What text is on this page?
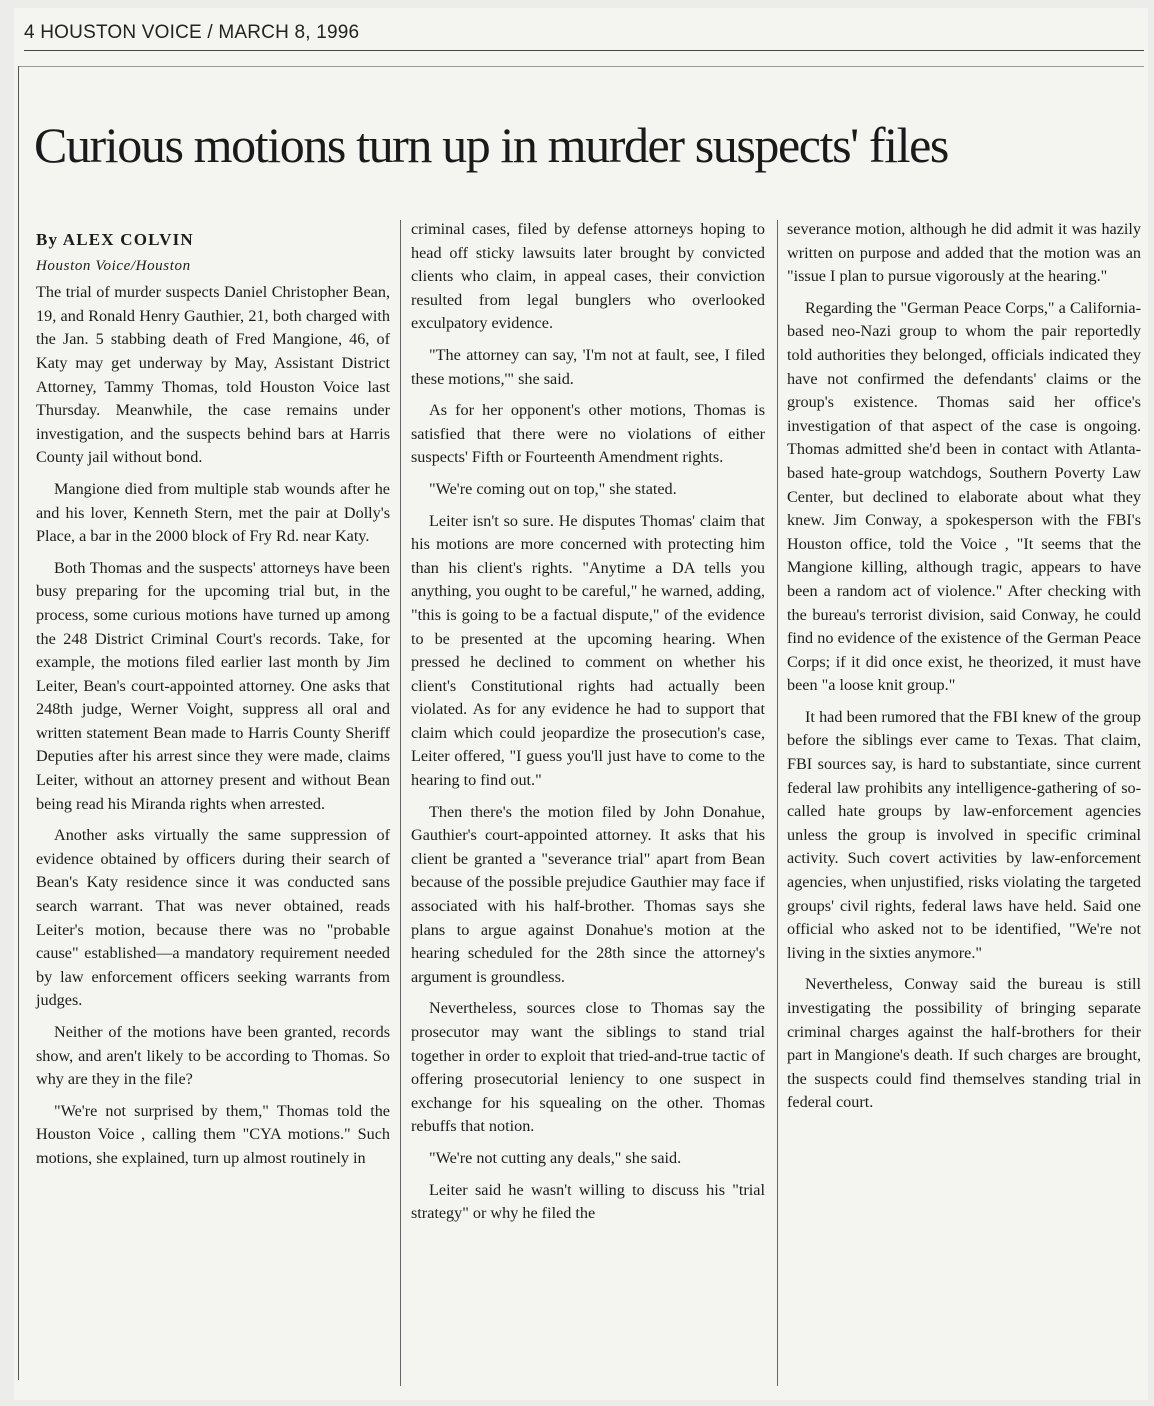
4 HOUSTON VOICE / MARCH 8, 1996
Curious motions turn up in murder suspects' files

By ALEX COLVIN

Houston Voice/Houston

The trial of murder suspects Daniel Christopher Bean, 19, and Ronald Henry Gauthier, 21, both charged with the Jan. 5 stabbing death of Fred Mangione, 46, of Katy may get underway by May, Assistant District Attorney, Tammy Thomas, told Houston Voice last Thursday. Meanwhile, the case remains under investigation, and the suspects behind bars at Harris County jail without bond.

Mangione died from multiple stab wounds after he and his lover, Kenneth Stern, met the pair at Dolly's Place, a bar in the 2000 block of Fry Rd. near Katy.

Both Thomas and the suspects' attorneys have been busy preparing for the upcoming trial but, in the process, some curious motions have turned up among the 248 District Criminal Court's records. Take, for example, the motions filed earlier last month by Jim Leiter, Bean's court-appointed attorney. One asks that 248th judge, Werner Voight, suppress all oral and written statement Bean made to Harris County Sheriff Deputies after his arrest since they were made, claims Leiter, without an attorney present and without Bean being read his Miranda rights when arrested.

Another asks virtually the same suppression of evidence obtained by officers during their search of Bean's Katy residence since it was conducted sans search warrant. That was never obtained, reads Leiter's motion, because there was no "probable cause" established—a mandatory requirement needed by law enforcement officers seeking warrants from judges.

Neither of the motions have been granted, records show, and aren't likely to be according to Thomas. So why are they in the file?

"We're not surprised by them," Thomas told the Houston Voice , calling them "CYA motions." Such motions, she explained, turn up almost routinely in

criminal cases, filed by defense attorneys hoping to head off sticky lawsuits later brought by convicted clients who claim, in appeal cases, their conviction resulted from legal bunglers who overlooked exculpatory evidence.

"The attorney can say, 'I'm not at fault, see, I filed these motions,'" she said.

As for her opponent's other motions, Thomas is satisfied that there were no violations of either suspects' Fifth or Fourteenth Amendment rights.

"We're coming out on top," she stated.

Leiter isn't so sure. He disputes Thomas' claim that his motions are more concerned with protecting him than his client's rights. "Anytime a DA tells you anything, you ought to be careful," he warned, adding, "this is going to be a factual dispute," of the evidence to be presented at the upcoming hearing. When pressed he declined to comment on whether his client's Constitutional rights had actually been violated. As for any evidence he had to support that claim which could jeopardize the prosecution's case, Leiter offered, "I guess you'll just have to come to the hearing to find out."

Then there's the motion filed by John Donahue, Gauthier's court-appointed attorney. It asks that his client be granted a "severance trial" apart from Bean because of the possible prejudice Gauthier may face if associated with his half-brother. Thomas says she plans to argue against Donahue's motion at the hearing scheduled for the 28th since the attorney's argument is groundless.

Nevertheless, sources close to Thomas say the prosecutor may want the siblings to stand trial together in order to exploit that tried-and-true tactic of offering prosecutorial leniency to one suspect in exchange for his squealing on the other. Thomas rebuffs that notion.

"We're not cutting any deals," she said.

Leiter said he wasn't willing to discuss his "trial strategy" or why he filed the

severance motion, although he did admit it was hazily written on purpose and added that the motion was an "issue I plan to pursue vigorously at the hearing."

Regarding the "German Peace Corps," a California-based neo-Nazi group to whom the pair reportedly told authorities they belonged, officials indicated they have not confirmed the defendants' claims or the group's existence. Thomas said her office's investigation of that aspect of the case is ongoing. Thomas admitted she'd been in contact with Atlanta-based hate-group watchdogs, Southern Poverty Law Center, but declined to elaborate about what they knew. Jim Conway, a spokesperson with the FBI's Houston office, told the Voice , "It seems that the Mangione killing, although tragic, appears to have been a random act of violence." After checking with the bureau's terrorist division, said Conway, he could find no evidence of the existence of the German Peace Corps; if it did once exist, he theorized, it must have been "a loose knit group."

It had been rumored that the FBI knew of the group before the siblings ever came to Texas. That claim, FBI sources say, is hard to substantiate, since current federal law prohibits any intelligence-gathering of so-called hate groups by law-enforcement agencies unless the group is involved in specific criminal activity. Such covert activities by law-enforcement agencies, when unjustified, risks violating the targeted groups' civil rights, federal laws have held. Said one official who asked not to be identified, "We're not living in the sixties anymore."

Nevertheless, Conway said the bureau is still investigating the possibility of bringing separate criminal charges against the half-brothers for their part in Mangione's death. If such charges are brought, the suspects could find themselves standing trial in federal court.
